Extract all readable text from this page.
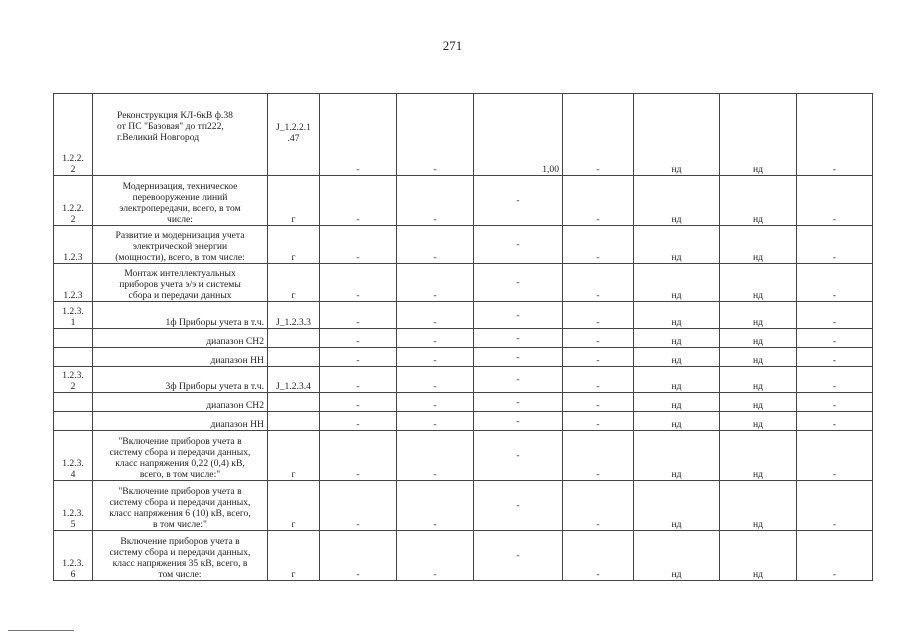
271
1.2.2.
2	Реконструкция КЛ-6кВ ф.38
от ПС "Базовая" до тп222,
г.Великий Новгород	J_1.2.2.1
.47	-	-	1,00	-	нд	нд	-
1.2.2.
2	Модернизация, техническое
перевооружение линий
электропередачи, всего, в том
числе:	г	-	-	-	-	нд	нд	-
1.2.3	Развитие и модернизация учета
электрической энергии
(мощности), всего, в том числе:	г	-	-	-	-	нд	нд	-
1.2.3	Монтаж интеллектуальных
приборов учета э/э и системы
сбора и передачи данных	г	-	-	-	-	нд	нд	-
1.2.3.
1	1ф Приборы учета в т.ч.	J_1.2.3.3	-	-	-	-	нд	нд	-
	диапазон СН2		-	-	-	-	нд	нд	-
	диапазон НН		-	-	-	-	нд	нд	-
1.2.3.
2	3ф Приборы учета в т.ч.	J_1.2.3.4	-	-	-	-	нд	нд	-
	диапазон СН2		-	-	-	-	нд	нд	-
	диапазон НН		-	-	-	-	нд	нд	-
1.2.3.
4	"Включение приборов учета в
систему сбора и передачи данных,
класс напряжения 0,22 (0,4) кВ,
всего, в том числе:"	г	-	-	-	-	нд	нд	-
1.2.3.
5	"Включение приборов учета в
систему сбора и передачи данных,
класс напряжения 6 (10) кВ, всего,
в том числе:"	г	-	-	-	-	нд	нд	-
1.2.3.
6	Включение приборов учета в
систему сбора и передачи данных,
класс напряжения 35 кВ, всего, в
том числе:	г	-	-	-	-	нд	нд	-
